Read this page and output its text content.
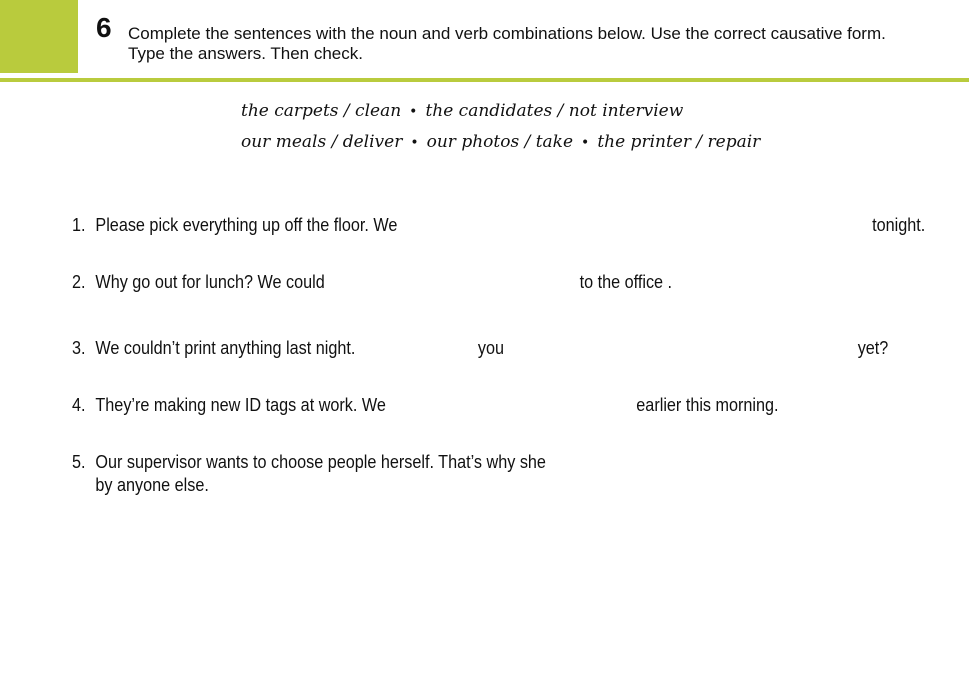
6 Complete the sentences with the noun and verb combinations below. Use the correct causative form.
Type the answers. Then check.
the carpets / clean • the candidates / not interview
our meals / deliver • our photos / take • the printer / repair
1. Please pick everything up off the floor. We	tonight.
2. Why go out for lunch? We could	to the office .
3. We couldn’t print anything last night.	you	yet?
4. They’re making new ID tags at work. We	earlier this morning.
5. Our supervisor wants to choose people herself. That’s why she
by anyone else.
